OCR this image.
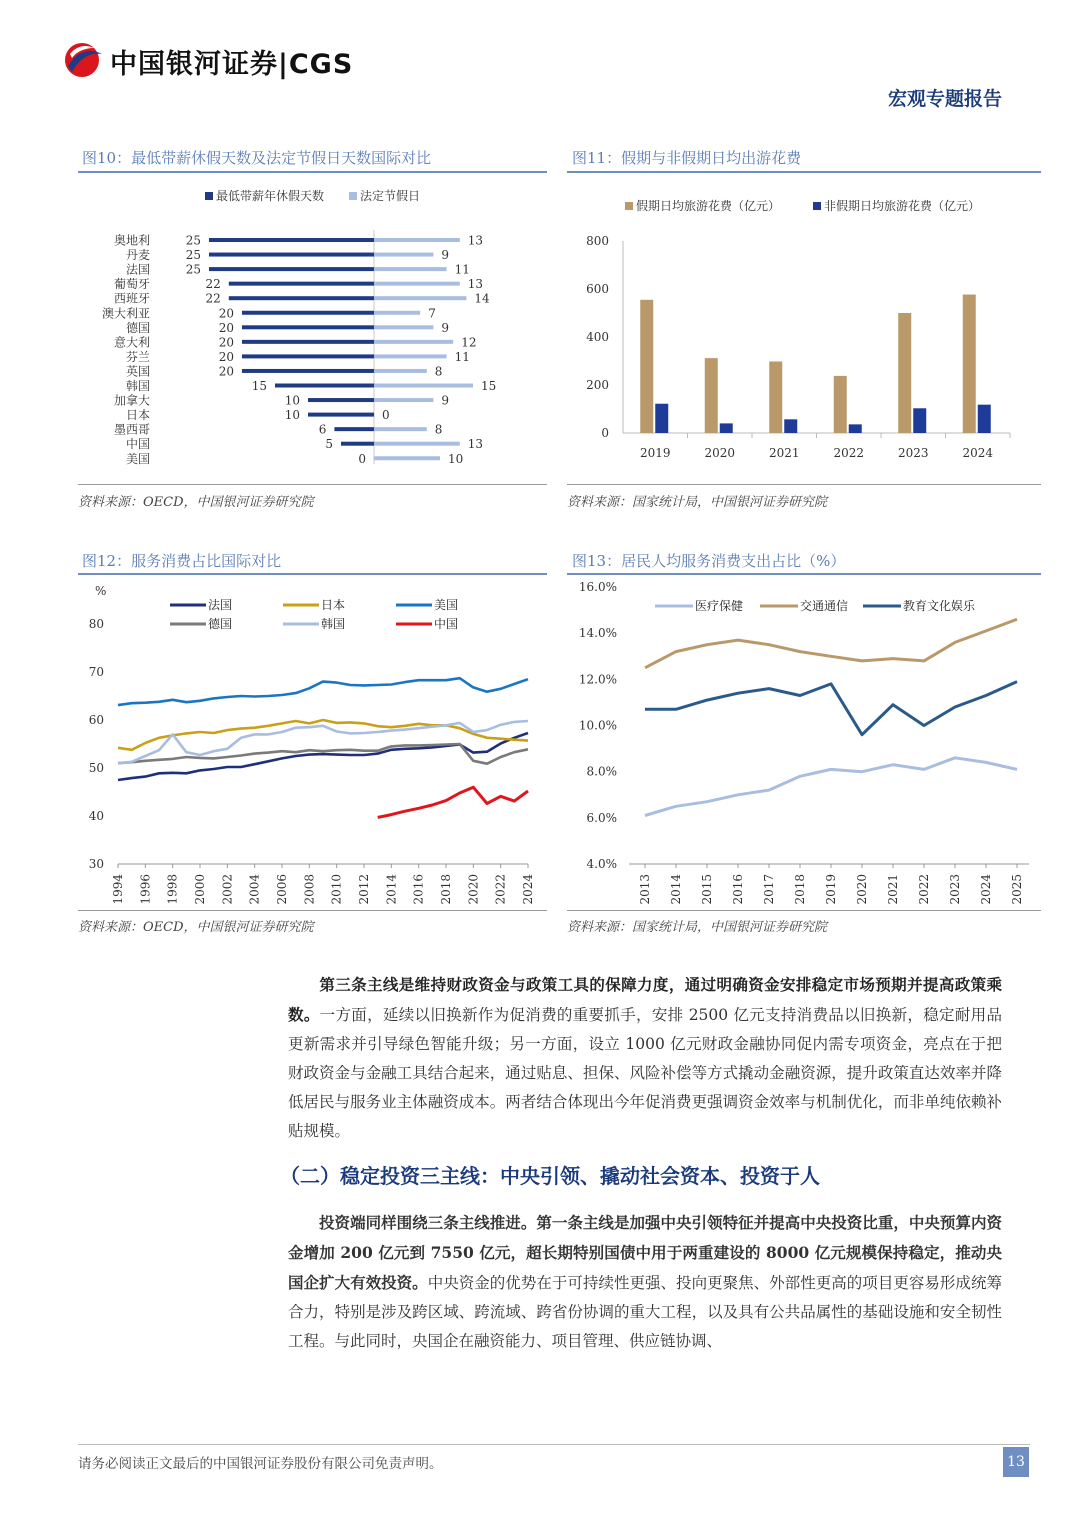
中国银河证券|CGS
宏观专题报告
图10：最低带薪休假天数及法定节假日天数国际对比
最低带薪年休假天数	法定节假日
奥地利	25	13
丹麦	25	9
法国	25	11
葡萄牙	22	13
西班牙	22	14
澳大利亚	20	7
德国	20	9
意大利	20	12
芬兰	20	11
英国	20	8
韩国	15	15
加拿大	10	9
日本	10	0
墨西哥	6	8
中国	5	13
美国	0	10
资料来源：OECD，中国银河证券研究院
图11：假期与非假期日均出游花费
假期日均旅游花费（亿元）	非假期日均旅游花费（亿元）
0
200
400
600
800
2019	2020	2021	2022	2023	2024
资料来源：国家统计局，中国银河证券研究院
图12：服务消费占比国际对比
%
法国
德国
日本
韩国
美国
中国
30
40
50
60
70
80
1994 1996 1998 2000 2002 2004 2006 2008 2010 2012 2014 2016 2018 2020 2022 2024
资料来源：OECD，中国银河证券研究院
图13：居民人均服务消费支出占比（%）
医疗保健	交通通信	教育文化娱乐
4.0%
6.0%
8.0%
10.0%
12.0%
14.0%
16.0%
2013 2014 2015 2016 2017 2018 2019 2020 2021 2022 2023 2024 2025
资料来源：国家统计局，中国银河证券研究院
第三条主线是维持财政资金与政策工具的保障力度，通过明确资金安排稳定市场预期并提高政策乘数。一方面，延续以旧换新作为促消费的重要抓手，安排 2500 亿元支持消费品以旧换新，稳定耐用品更新需求并引导绿色智能升级；另一方面，设立 1000 亿元财政金融协同促内需专项资金，亮点在于把财政资金与金融工具结合起来，通过贴息、担保、风险补偿等方式撬动金融资源，提升政策直达效率并降低居民与服务业主体融资成本。两者结合体现出今年促消费更强调资金效率与机制优化，而非单纯依赖补贴规模。
（二）稳定投资三主线：中央引领、撬动社会资本、投资于人
投资端同样围绕三条主线推进。第一条主线是加强中央引领特征并提高中央投资比重，中央预算内资金增加 200 亿元到 7550 亿元，超长期特别国债中用于两重建设的 8000 亿元规模保持稳定，推动央国企扩大有效投资。中央资金的优势在于可持续性更强、投向更聚焦、外部性更高的项目更容易形成统筹合力，特别是涉及跨区域、跨流域、跨省份协调的重大工程，以及具有公共品属性的基础设施和安全韧性工程。与此同时，央国企在融资能力、项目管理、供应链协调、
请务必阅读正文最后的中国银河证券股份有限公司免责声明。	13
